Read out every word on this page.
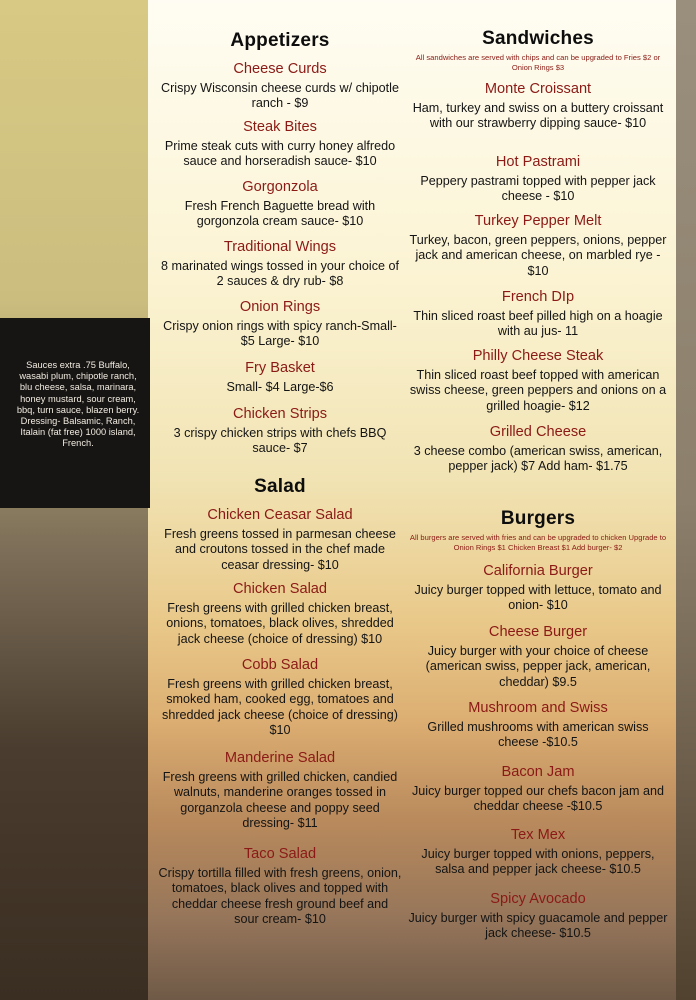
Sauces extra .75 Buffalo, wasabi plum, chipotle ranch, blu cheese, salsa, marinara, honey mustard, sour cream, bbq, turn sauce, blazen berry. Dressing- Balsamic, Ranch, Italain (fat free) 1000 island, French.
Appetizers
Cheese Curds
Crispy Wisconsin cheese curds w/ chipotle ranch - $9
Steak Bites
Prime steak cuts with curry honey alfredo sauce and horseradish sauce- $10
Gorgonzola
Fresh French Baguette bread with gorgonzola cream sauce- $10
Traditional Wings
8 marinated wings tossed in your choice of 2 sauces & dry rub- $8
Onion Rings
Crispy onion rings with spicy ranch-Small- $5 Large- $10
Fry Basket
Small- $4 Large-$6
Chicken Strips
3 crispy chicken strips with chefs BBQ sauce- $7
Salad
Chicken Ceasar Salad
Fresh greens tossed in parmesan cheese and croutons tossed in the chef made ceasar dressing- $10
Chicken Salad
Fresh greens with grilled chicken breast, onions, tomatoes, black olives, shredded jack cheese (choice of dressing) $10
Cobb Salad
Fresh greens with grilled chicken breast, smoked ham, cooked egg, tomatoes and shredded jack cheese (choice of dressing) $10
Manderine Salad
Fresh greens with grilled chicken, candied walnuts, manderine oranges tossed in gorganzola cheese and poppy seed dressing- $11
Taco Salad
Crispy tortilla filled with fresh greens, onion, tomatoes, black olives and topped with cheddar cheese fresh ground beef and sour cream- $10
Sandwiches
All sandwiches are served with chips and can be upgraded to Fries $2 or Onion Rings $3
Monte Croissant
Ham, turkey and swiss on a buttery croissant with our strawberry dipping sauce- $10
Hot Pastrami
Peppery pastrami topped with pepper jack cheese - $10
Turkey Pepper Melt
Turkey, bacon, green peppers, onions, pepper jack and american cheese, on marbled rye - $10
French DIp
Thin sliced roast beef pilled high on a hoagie with au jus- 11
Philly Cheese Steak
Thin sliced roast beef topped with american swiss cheese, green peppers and onions on a grilled hoagie- $12
Grilled Cheese
3 cheese combo (american swiss, american, pepper jack) $7 Add ham- $1.75
Burgers
All burgers are served with fries and can be upgraded to chicken Upgrade to Onion Rings $1 Chicken Breast $1 Add burger- $2
California Burger
Juicy burger topped with lettuce, tomato and onion- $10
Cheese Burger
Juicy burger with your choice of cheese (american swiss, pepper jack, american, cheddar) $9.5
Mushroom and Swiss
Grilled mushrooms with american swiss cheese -$10.5
Bacon Jam
Juicy burger topped our chefs bacon jam and cheddar cheese -$10.5
Tex Mex
Juicy burger topped with onions, peppers, salsa and pepper jack cheese- $10.5
Spicy Avocado
Juicy burger with spicy guacamole and pepper jack cheese- $10.5
